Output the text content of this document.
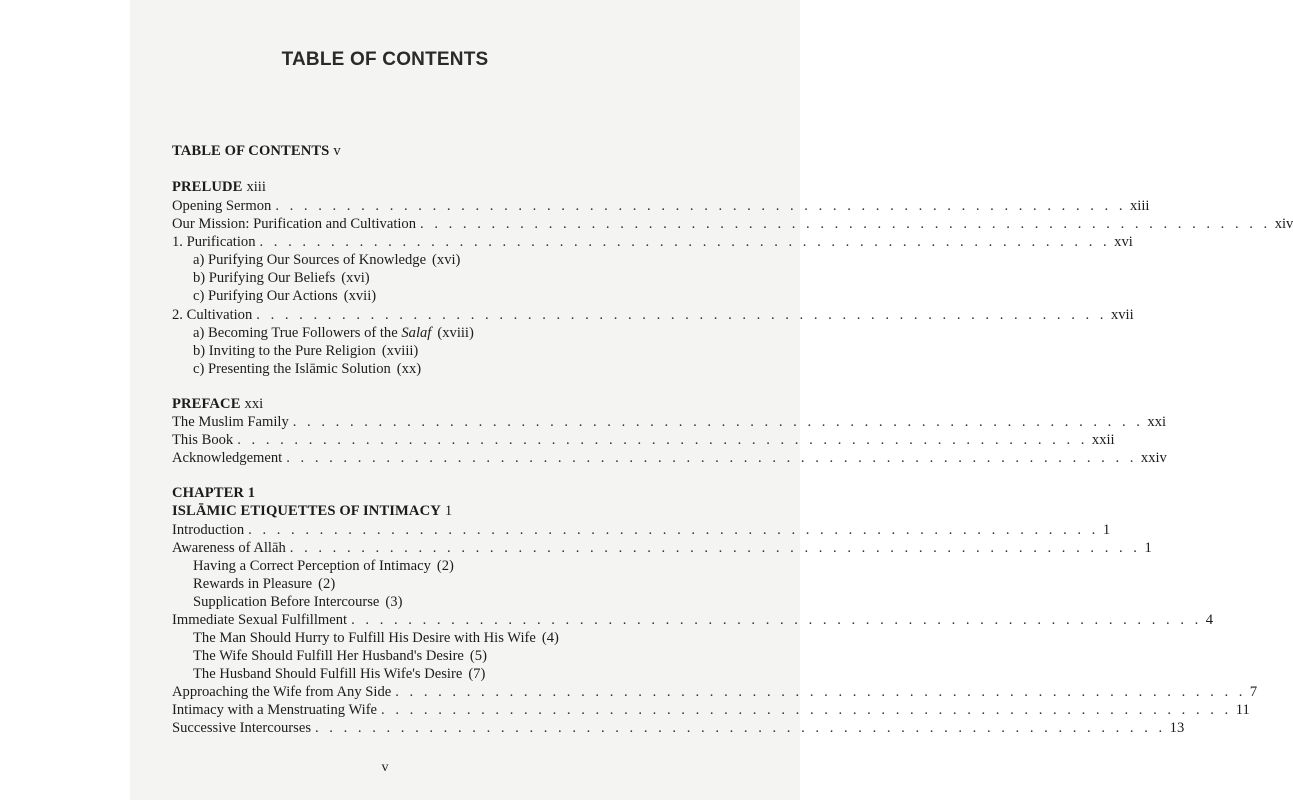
TABLE OF CONTENTS
TABLE OF CONTENTS v
PRELUDE xiii
Opening Sermon . . . . . . . . . . . . . . . . . . . . . . . . . . . . . . . . . . . . . . . . . . . . . . . . . . . . . . . . . . . . xiii
Our Mission: Purification and Cultivation . . . . . . . . . . . . . . . . . . . . . . . . . . . . . . . . . . . . . . . . . . . . . . . . . . . . . . . . . . . . xiv
1. Purification . . . . . . . . . . . . . . . . . . . . . . . . . . . . . . . . . . . . . . . . . . . . . . . . . . . . . . . . . . . . xvi
a) Purifying Our Sources of Knowledge (xvi)
b) Purifying Our Beliefs (xvi)
c) Purifying Our Actions (xvii)
2. Cultivation . . . . . . . . . . . . . . . . . . . . . . . . . . . . . . . . . . . . . . . . . . . . . . . . . . . . . . . . . . . . xvii
a) Becoming True Followers of the Salaf (xviii)
b) Inviting to the Pure Religion (xviii)
c) Presenting the Islāmic Solution (xx)
PREFACE xxi
The Muslim Family . . . . . . . . . . . . . . . . . . . . . . . . . . . . . . . . . . . . . . . . . . . . . . . . . . . . . . . . . . . . xxi
This Book . . . . . . . . . . . . . . . . . . . . . . . . . . . . . . . . . . . . . . . . . . . . . . . . . . . . . . . . . . . . xxii
Acknowledgement . . . . . . . . . . . . . . . . . . . . . . . . . . . . . . . . . . . . . . . . . . . . . . . . . . . . . . . . . . . . xxiv
CHAPTER 1
ISLĀMIC ETIQUETTES OF INTIMACY 1
Introduction . . . . . . . . . . . . . . . . . . . . . . . . . . . . . . . . . . . . . . . . . . . . . . . . . . . . . . . . . . . . 1
Awareness of Allāh . . . . . . . . . . . . . . . . . . . . . . . . . . . . . . . . . . . . . . . . . . . . . . . . . . . . . . . . . . . . 1
Having a Correct Perception of Intimacy (2)
Rewards in Pleasure (2)
Supplication Before Intercourse (3)
Immediate Sexual Fulfillment . . . . . . . . . . . . . . . . . . . . . . . . . . . . . . . . . . . . . . . . . . . . . . . . . . . . . . . . . . . . 4
The Man Should Hurry to Fulfill His Desire with His Wife (4)
The Wife Should Fulfill Her Husband's Desire (5)
The Husband Should Fulfill His Wife's Desire (7)
Approaching the Wife from Any Side . . . . . . . . . . . . . . . . . . . . . . . . . . . . . . . . . . . . . . . . . . . . . . . . . . . . . . . . . . . . 7
Intimacy with a Menstruating Wife . . . . . . . . . . . . . . . . . . . . . . . . . . . . . . . . . . . . . . . . . . . . . . . . . . . . . . . . . . . . 11
Successive Intercourses . . . . . . . . . . . . . . . . . . . . . . . . . . . . . . . . . . . . . . . . . . . . . . . . . . . . . . . . . . . . 13
v
